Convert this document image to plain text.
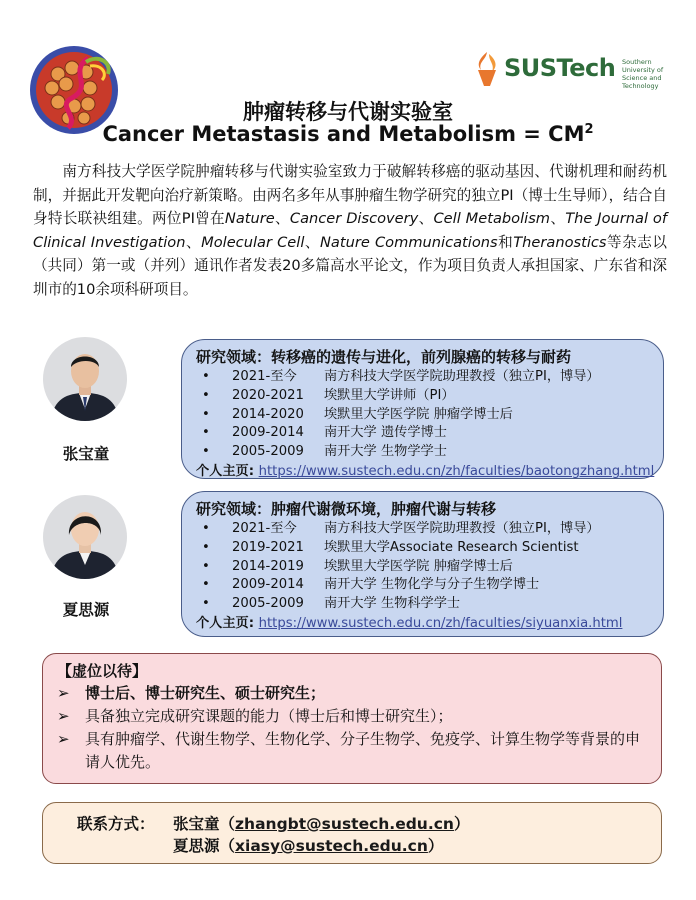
SUSTech Southern University of Science and Technology
肿瘤转移与代谢实验室
Cancer Metastasis and Metabolism = $CM^2$
  南方科技大学医学院肿瘤转移与代谢实验室致力于破解转移癌的驱动基因、代谢机理和耐药机制，并据此开发靶向治疗新策略。由两名多年从事肿瘤生物学研究的独立PI（博士生导师），结合自身特长联袂组建。两位PI曾在Nature、Cancer Discovery、Cell Metabolism、The Journal of Clinical Investigation、Molecular Cell、Nature Communications和Theranostics等杂志以（共同）第一或（并列）通讯作者发表20多篇高水平论文，作为项目负责人承担国家、广东省和深圳市的10余项科研项目。
张宝童
研究领域：转移癌的遗传与进化，前列腺癌的转移与耐药
•	2021-至今	南方科技大学医学院助理教授（独立PI，博导）
•	2020-2021	埃默里大学讲师（PI）
•	2014-2020	埃默里大学医学院 肿瘤学博士后
•	2009-2014	南开大学 遗传学博士
•	2005-2009	南开大学 生物学学士
个人主页: https://www.sustech.edu.cn/zh/faculties/baotongzhang.html
夏思源
研究领域：肿瘤代谢微环境，肿瘤代谢与转移
•	2021-至今	南方科技大学医学院助理教授（独立PI，博导）
•	2019-2021	埃默里大学Associate Research Scientist
•	2014-2019	埃默里大学医学院 肿瘤学博士后
•	2009-2014	南开大学 生物化学与分子生物学博士
•	2005-2009	南开大学 生物科学学士
个人主页: https://www.sustech.edu.cn/zh/faculties/siyuanxia.html
【虚位以待】
➢	博士后、博士研究生、硕士研究生；
➢	具备独立完成研究课题的能力（博士后和博士研究生）；
➢	具有肿瘤学、代谢生物学、生物化学、分子生物学、免疫学、计算生物学等背景的申请人优先。
联系方式：	张宝童 （ zhangbt@sustech.edu.cn ）
夏思源 （ xiasy@sustech.edu.cn ）
